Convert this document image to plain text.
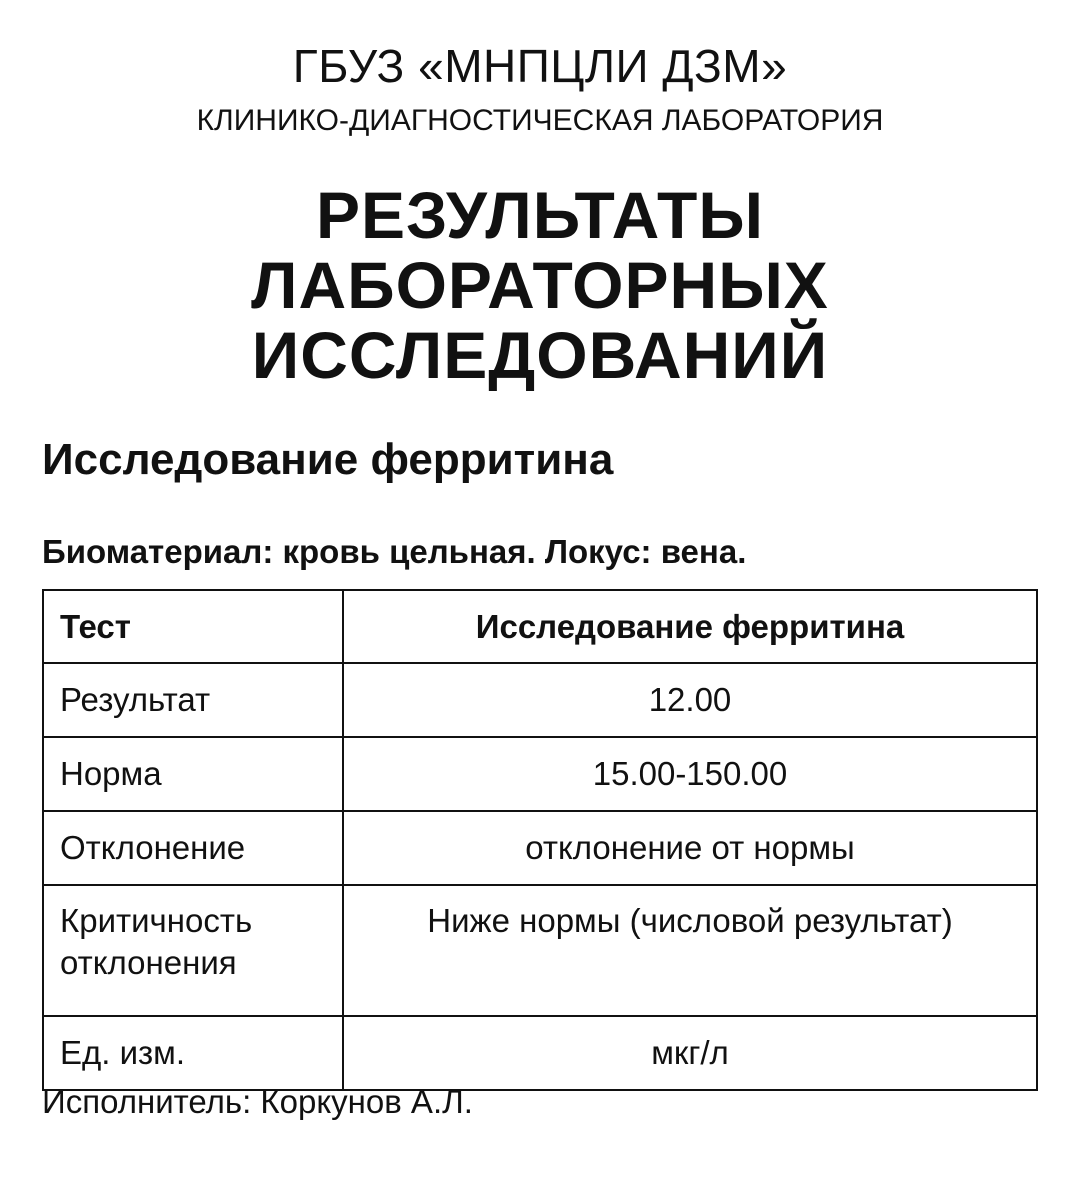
ГБУЗ «МНПЦЛИ ДЗМ»
КЛИНИКО-ДИАГНОСТИЧЕСКАЯ ЛАБОРАТОРИЯ
РЕЗУЛЬТАТЫ
ЛАБОРАТОРНЫХ
ИССЛЕДОВАНИЙ
Исследование ферритина
Биоматериал: кровь цельная. Локус: вена.
Тест	Исследование ферритина
Результат	12.00
Норма	15.00-150.00
Отклонение	отклонение от нормы
Критичность отклонения	Ниже нормы (числовой результат)
Ед. изм.	мкг/л
Исполнитель: Коркунов А.Л.
